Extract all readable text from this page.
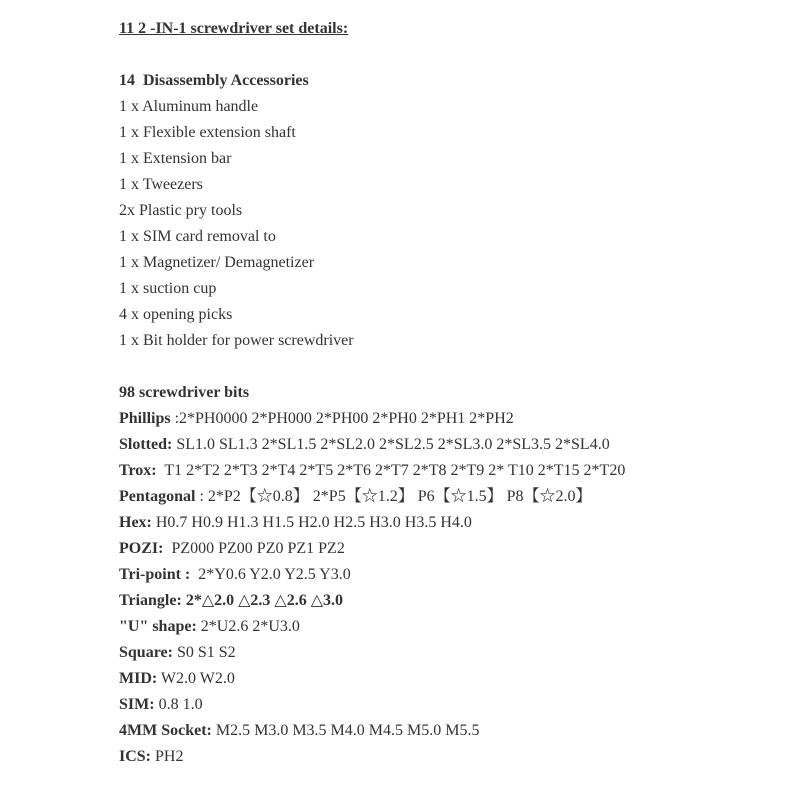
11 2 -IN-1 screwdriver set details:
14  Disassembly Accessories
1 x Aluminum handle
1 x Flexible extension shaft
1 x Extension bar
1 x Tweezers
2x Plastic pry tools
1 x SIM card removal to
1 x Magnetizer/ Demagnetizer
1 x suction cup
4 x opening picks
1 x Bit holder for power screwdriver
98 screwdriver bits
Phillips :2*PH0000 2*PH000 2*PH00 2*PH0 2*PH1 2*PH2
Slotted: SL1.0 SL1.3 2*SL1.5 2*SL2.0 2*SL2.5 2*SL3.0 2*SL3.5 2*SL4.0
Trox:  T1 2*T2 2*T3 2*T4 2*T5 2*T6 2*T7 2*T8 2*T9 2* T10 2*T15 2*T20
Pentagonal : 2*P2【☆0.8】 2*P5【☆1.2】 P6【☆1.5】 P8【☆2.0】
Hex: H0.7 H0.9 H1.3 H1.5 H2.0 H2.5 H3.0 H3.5 H4.0
POZI:  PZ000 PZ00 PZ0 PZ1 PZ2
Tri-point :  2*Y0.6 Y2.0 Y2.5 Y3.0
Triangle: 2*△2.0 △2.3 △2.6 △3.0
"U" shape: 2*U2.6 2*U3.0
Square: S0 S1 S2
MID: W2.0 W2.0
SIM: 0.8 1.0
4MM Socket: M2.5 M3.0 M3.5 M4.0 M4.5 M5.0 M5.5
ICS: PH2
